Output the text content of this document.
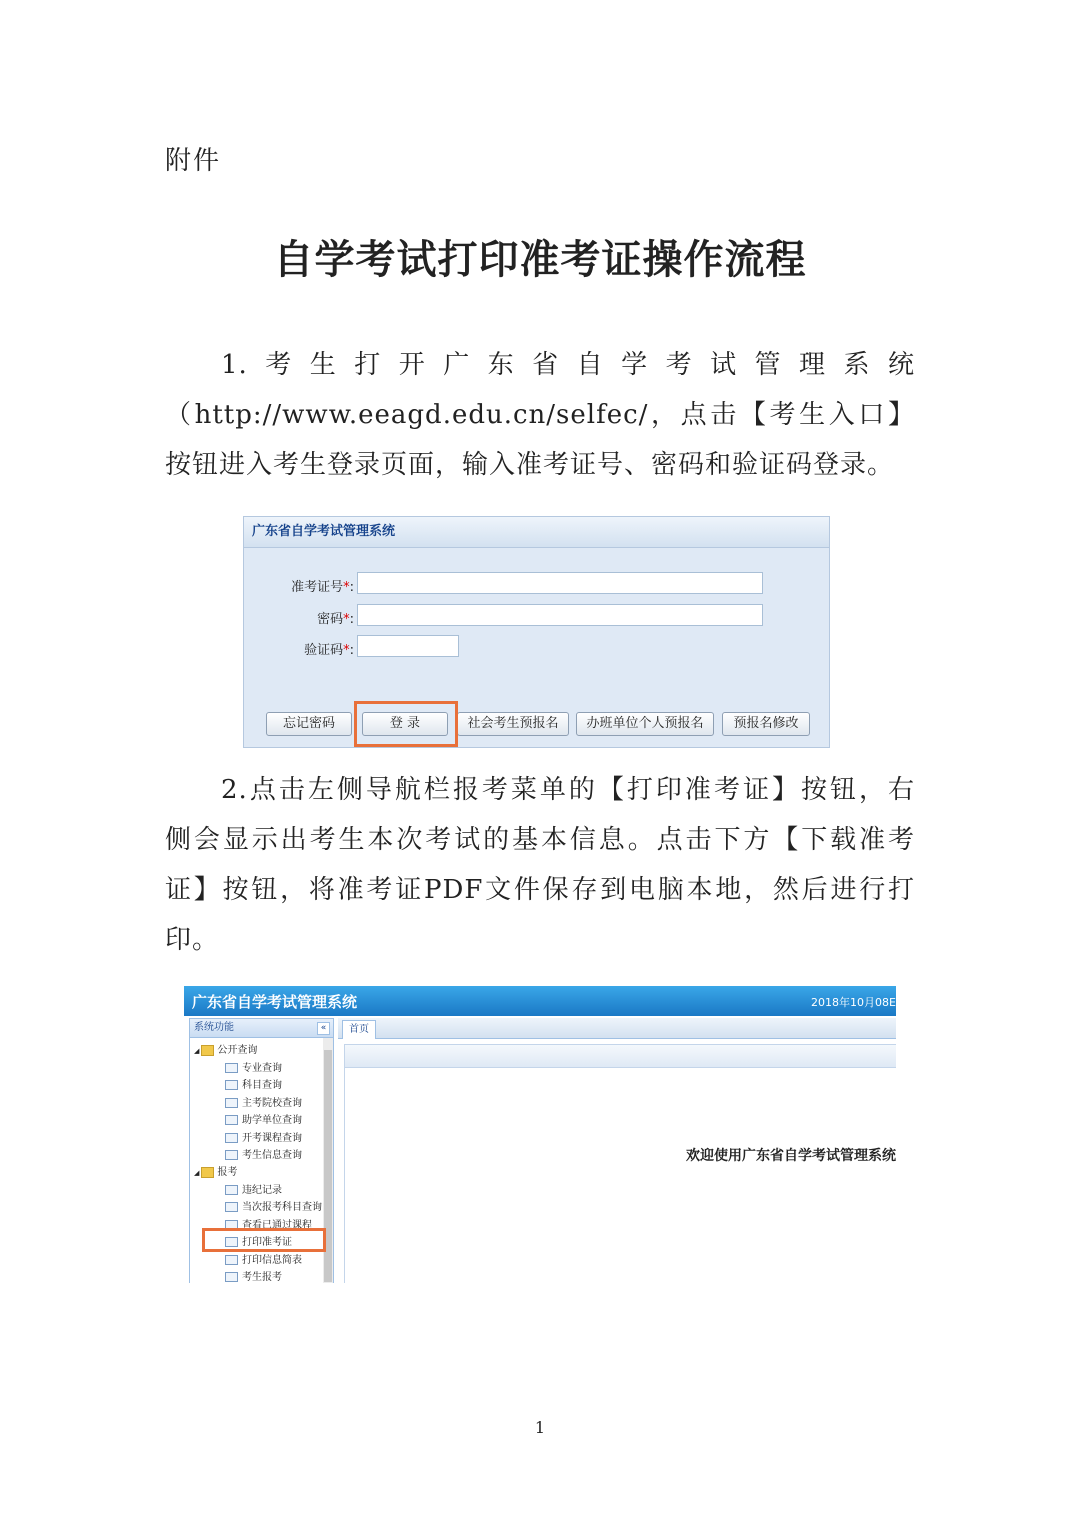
附件
自学考试打印准考证操作流程
1.考生打开广东省自学考试管理系统
（http://www.eeagd.edu.cn/selfec/，点击【考生入口】
按钮进入考生登录页面，输入准考证号、密码和验证码登录。
广东省自学考试管理系统
准考证号*:
密码*:
验证码*:
忘记密码	登 录	社会考生预报名	办班单位个人预报名	预报名修改
2.点击左侧导航栏报考菜单的【打印准考证】按钮，右
侧会显示出考生本次考试的基本信息。点击下方【下载准考
证】按钮，将准考证PDF文件保存到电脑本地，然后进行打
印。
广东省自学考试管理系统	2018年10月08E
系统功能	«
◢ 公开查询
专业查询
科目查询
主考院校查询
助学单位查询
开考课程查询
考生信息查询
◢ 报考
违纪记录
当次报考科目查询
查看已通过课程
打印准考证
打印信息简表
考生报考
首页
欢迎使用广东省自学考试管理系统
1
